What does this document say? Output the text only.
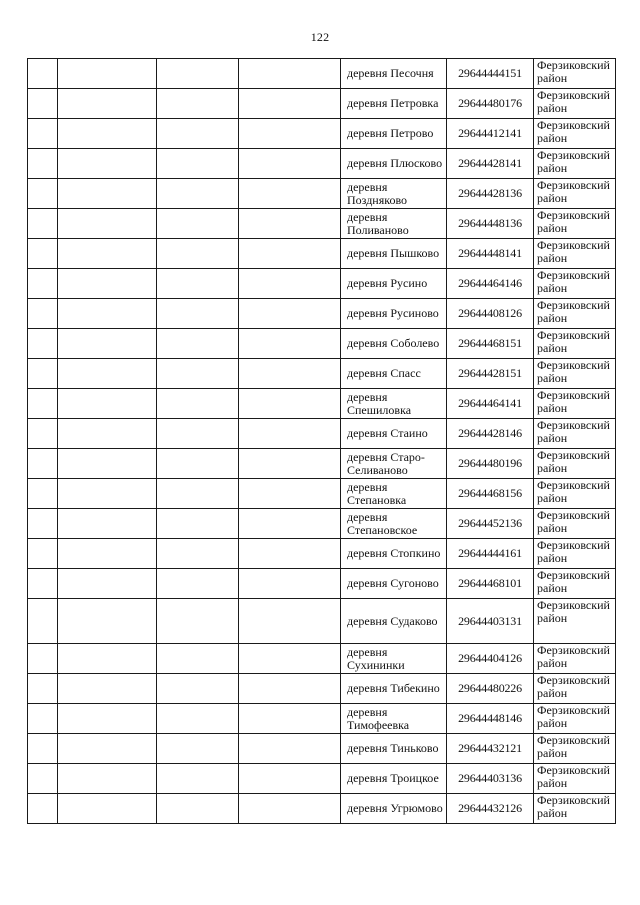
122

				деревня Песочня	29644444151	Ферзиковский район

				деревня Петровка	29644480176	Ферзиковский район

				деревня Петрово	29644412141	Ферзиковский район

				деревня Плюсково	29644428141	Ферзиковский район

				деревня Поздняково	29644428136	Ферзиковский район

				деревня Поливаново	29644448136	Ферзиковский район

				деревня Пышково	29644448141	Ферзиковский район

				деревня Русино	29644464146	Ферзиковский район

				деревня Русиново	29644408126	Ферзиковский район

				деревня Соболево	29644468151	Ферзиковский район

				деревня Спасс	29644428151	Ферзиковский район

				деревня Спешиловка	29644464141	Ферзиковский район

				деревня Стаино	29644428146	Ферзиковский район

				деревня Старо-Селиваново	29644480196	Ферзиковский район

				деревня Степановка	29644468156	Ферзиковский район

				деревня Степановское	29644452136	Ферзиковский район

				деревня Стопкино	29644444161	Ферзиковский район

				деревня Сугоново	29644468101	Ферзиковский район

				деревня Судаково	29644403131	Ферзиковский район

				деревня Сухининки	29644404126	Ферзиковский район

				деревня Тибекино	29644480226	Ферзиковский район

				деревня Тимофеевка	29644448146	Ферзиковский район

				деревня Тиньково	29644432121	Ферзиковский район

				деревня Троицкое	29644403136	Ферзиковский район

				деревня Угрюмово	29644432126	Ферзиковский район
